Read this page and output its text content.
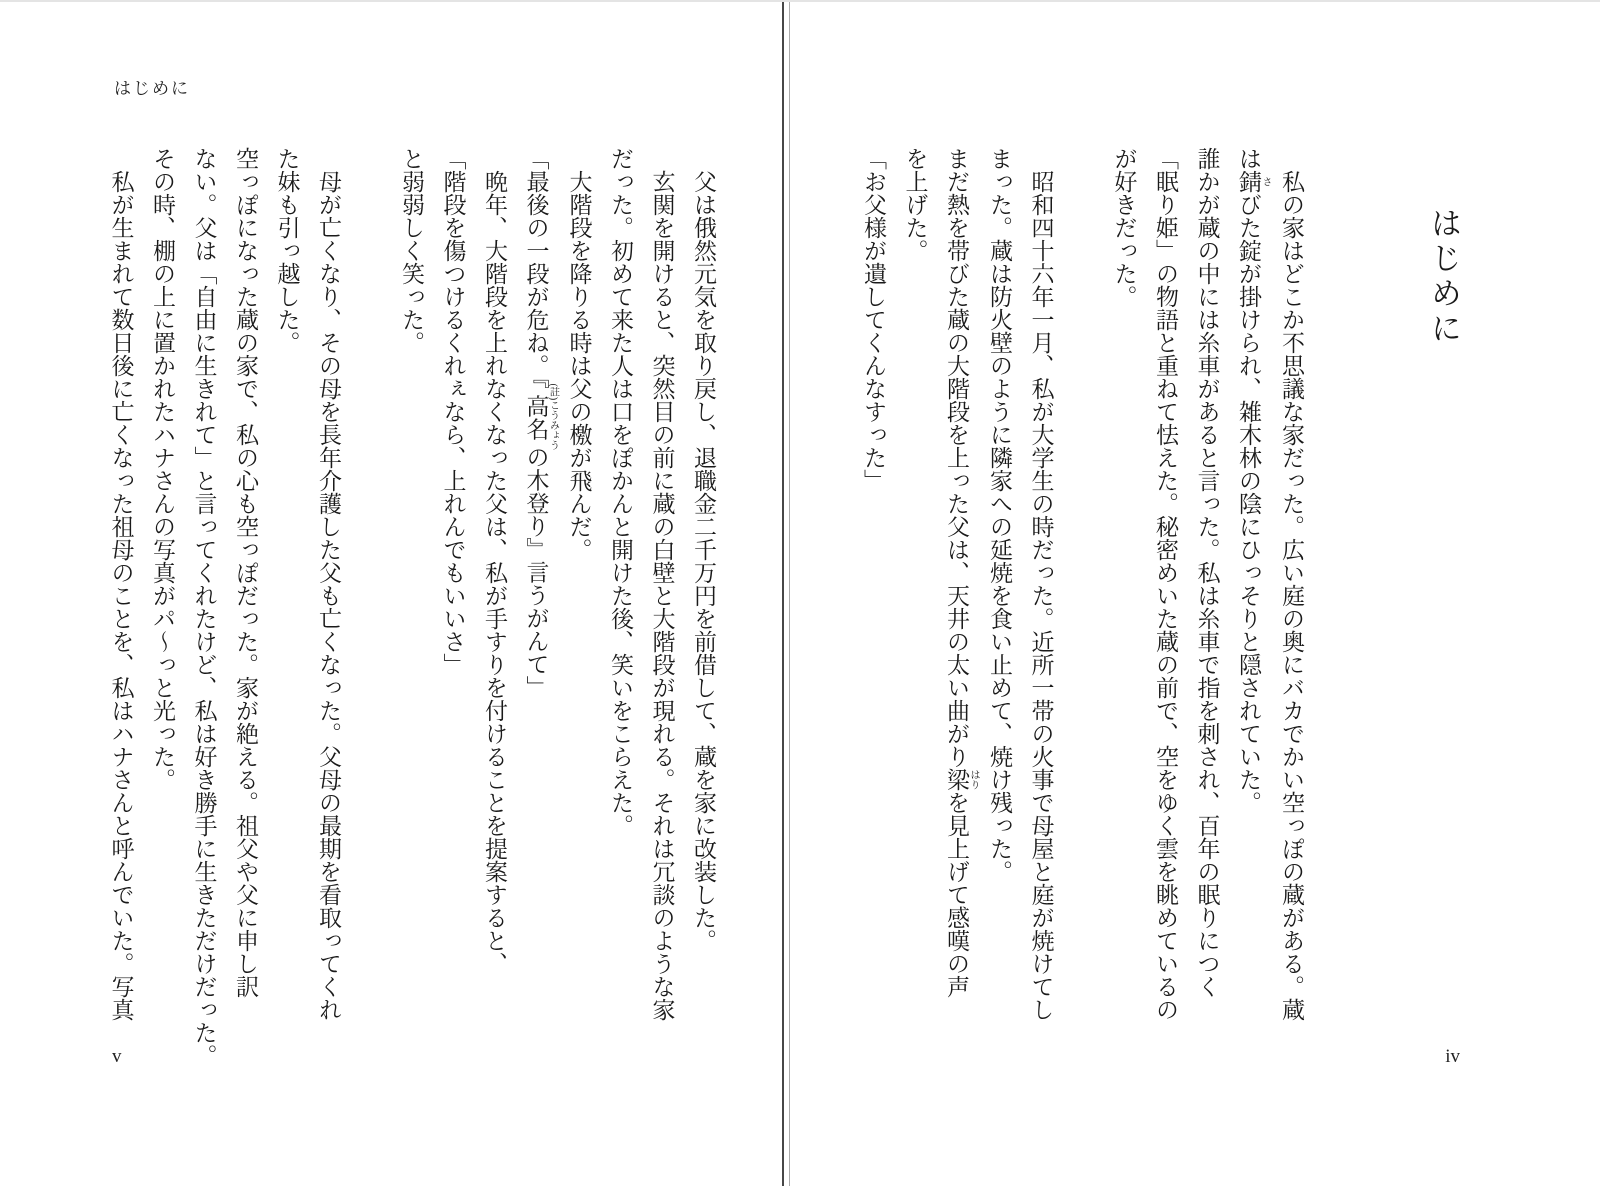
はじめに
父は俄然元気を取り戻し、退職金二千万円を前借して、蔵を家に改装した。
玄関を開けると、突然目の前に蔵の白壁と大階段が現れる。それは冗談のような家
だった。初めて来た人は口をぽかんと開けた後、笑いをこらえた。
大階段を降りる時は父の檄が飛んだ。
「最後の一段が危ね。『高名 (註)こうみょうの木登り』言うがんて」
晩年、大階段を上れなくなった父は、私が手すりを付けることを提案すると、
「階段を傷つけるくれぇなら、上れんでもいいさ」
と弱弱しく笑った。
母が亡くなり、その母を長年介護した父も亡くなった。父母の最期を看取ってくれ
た妹も引っ越した。
空っぽになった蔵の家で、私の心も空っぽだった。家が絶える。祖父や父に申し訳
ない。父は「自由に生きれて」と言ってくれたけど、私は好き勝手に生きただけだった。
その時、棚の上に置かれたハナさんの写真がパ〜っと光った。
私が生まれて数日後に亡くなった祖母のことを、私はハナさんと呼んでいた。写真
v
はじめに
私の家はどこか不思議な家だった。広い庭の奥にバカでかい空っぽの蔵がある。蔵
は錆 さびた錠が掛けられ、雑木林の陰にひっそりと隠されていた。
誰かが蔵の中には糸車があると言った。私は糸車で指を刺され、百年の眠りにつく
「眠り姫」の物語と重ねて怯えた。秘密めいた蔵の前で、空をゆく雲を眺めているの
が好きだった。
昭和四十六年一月、私が大学生の時だった。近所一帯の火事で母屋と庭が焼けてし
まった。蔵は防火壁のように隣家への延焼を食い止めて、焼け残った。
まだ熱を帯びた蔵の大階段を上った父は、天井の太い曲がり梁 はりを見上げて感嘆の声
を上げた。
「お父様が遺してくんなすった」
iv
